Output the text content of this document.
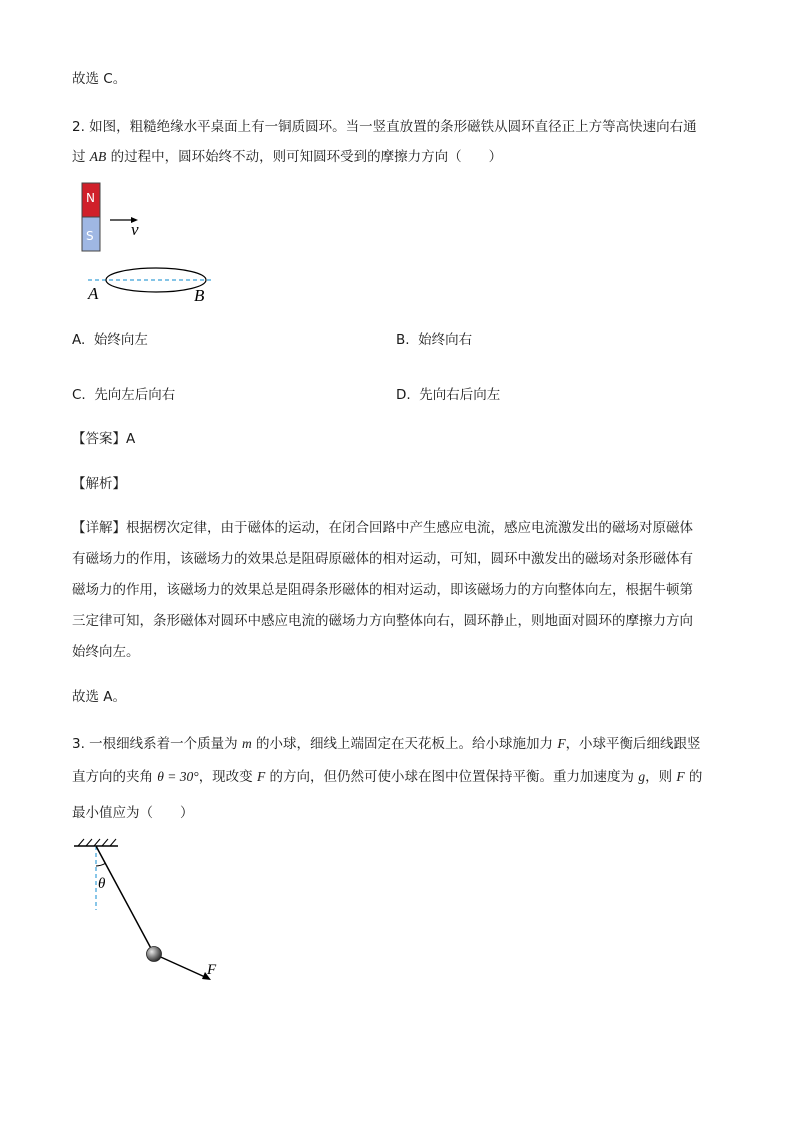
故选 C。
2. 如图，粗糙绝缘水平桌面上有一铜质圆环。当一竖直放置的条形磁铁从圆环直径正上方等高快速向右通
过 AB 的过程中，圆环始终不动，则可知圆环受到的摩擦力方向（　　）
N
S v
A	B
A. 始终向左	B. 始终向右
C. 先向左后向右	D. 先向右后向左
【答案】A
【解析】
【详解】根据楞次定律，由于磁体的运动，在闭合回路中产生感应电流，感应电流激发出的磁场对原磁体
有磁场力的作用，该磁场力的效果总是阻碍原磁体的相对运动，可知，圆环中激发出的磁场对条形磁体有
磁场力的作用，该磁场力的效果总是阻碍条形磁体的相对运动，即该磁场力的方向整体向左，根据牛顿第
三定律可知，条形磁体对圆环中感应电流的磁场力方向整体向右，圆环静止，则地面对圆环的摩擦力方向
始终向左。
故选 A。
3. 一根细线系着一个质量为 m 的小球，细线上端固定在天花板上。给小球施加力 F，小球平衡后细线跟竖
直方向的夹角 θ = 30°，现改变 F 的方向，但仍然可使小球在图中位置保持平衡。重力加速度为 g，则 F 的
最小值应为（　　）
θ
F
